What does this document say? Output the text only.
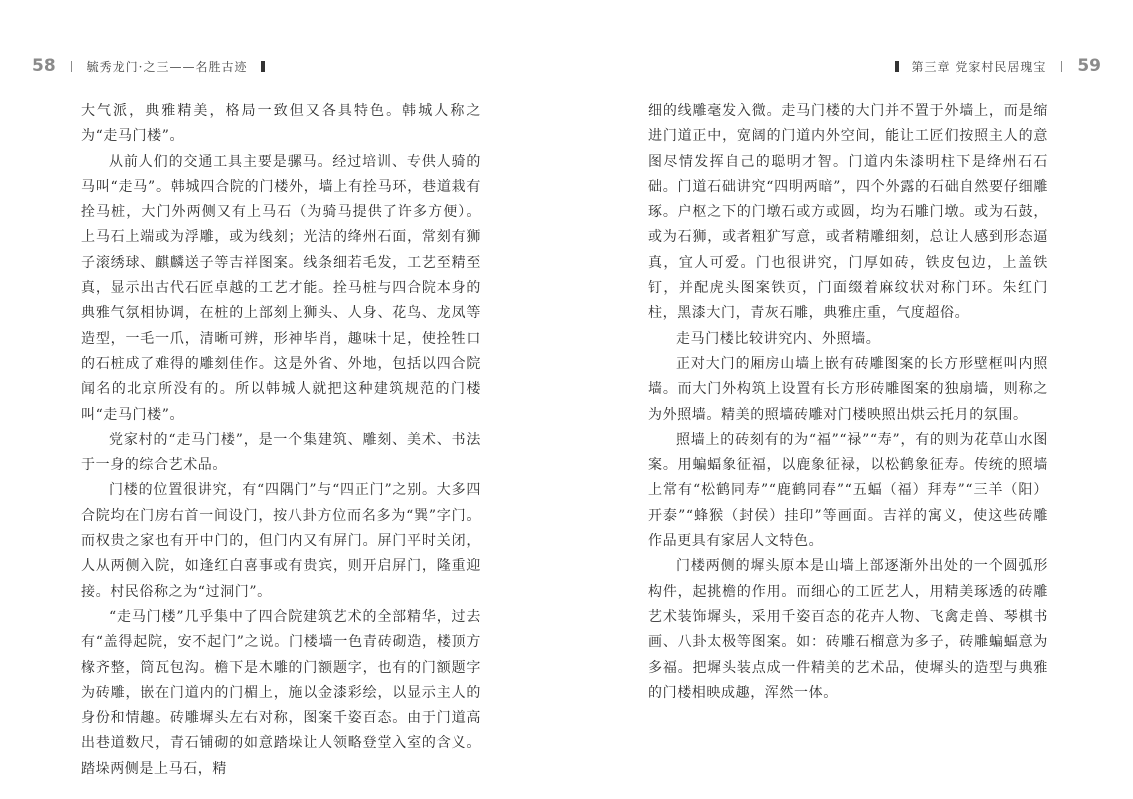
58	毓秀龙门·之三——名胜古迹

大气派，典雅精美，格局一致但又各具特色。韩城人称之为“走马门楼”。

从前人们的交通工具主要是骡马。经过培训、专供人骑的马叫“走马”。韩城四合院的门楼外，墙上有拴马环，巷道栽有拴马桩，大门外两侧又有上马石（为骑马提供了许多方便）。上马石上端或为浮雕，或为线刻；光洁的绛州石面，常刻有狮子滚绣球、麒麟送子等吉祥图案。线条细若毛发，工艺至精至真，显示出古代石匠卓越的工艺才能。拴马桩与四合院本身的典雅气氛相协调，在桩的上部刻上狮头、人身、花鸟、龙凤等造型，一毛一爪，清晰可辨，形神毕肖，趣味十足，使拴牲口的石桩成了难得的雕刻佳作。这是外省、外地，包括以四合院闻名的北京所没有的。所以韩城人就把这种建筑规范的门楼叫“走马门楼”。

党家村的“走马门楼”，是一个集建筑、雕刻、美术、书法于一身的综合艺术品。

门楼的位置很讲究，有“四隅门”与“四正门”之别。大多四合院均在门房右首一间设门，按八卦方位而名多为“巽”字门。而权贵之家也有开中门的，但门内又有屏门。屏门平时关闭，人从两侧入院，如逢红白喜事或有贵宾，则开启屏门，隆重迎接。村民俗称之为“过洞门”。

“走马门楼”几乎集中了四合院建筑艺术的全部精华，过去有“盖得起院，安不起门”之说。门楼墙一色青砖砌造，楼顶方椽齐整，筒瓦包沟。檐下是木雕的门额题字，也有的门额题字为砖雕，嵌在门道内的门楣上，施以金漆彩绘，以显示主人的身份和情趣。砖雕墀头左右对称，图案千姿百态。由于门道高出巷道数尺，青石铺砌的如意踏垛让人领略登堂入室的含义。踏垛两侧是上马石，精

第三章 党家村民居瑰宝 59

细的线雕毫发入微。走马门楼的大门并不置于外墙上，而是缩进门道正中，宽阔的门道内外空间，能让工匠们按照主人的意图尽情发挥自己的聪明才智。门道内朱漆明柱下是绛州石石础。门道石础讲究“四明两暗”，四个外露的石础自然要仔细雕琢。户枢之下的门墩石或方或圆，均为石雕门墩。或为石鼓，或为石狮，或者粗犷写意，或者精雕细刻，总让人感到形态逼真，宜人可爱。门也很讲究，门厚如砖，铁皮包边，上盖铁钉，并配虎头图案铁页，门面缀着麻纹状对称门环。朱红门柱，黑漆大门，青灰石雕，典雅庄重，气度超俗。

走马门楼比较讲究内、外照墙。

正对大门的厢房山墙上嵌有砖雕图案的长方形壁框叫内照墙。而大门外构筑上设置有长方形砖雕图案的独扇墙，则称之为外照墙。精美的照墙砖雕对门楼映照出烘云托月的氛围。

照墙上的砖刻有的为“福”“禄”“寿”，有的则为花草山水图案。用蝙蝠象征福，以鹿象征禄，以松鹤象征寿。传统的照墙上常有“松鹤同寿”“鹿鹤同春”“五蝠（福）拜寿”“三羊（阳）开泰”“蜂猴（封侯）挂印”等画面。吉祥的寓义，使这些砖雕作品更具有家居人文特色。

门楼两侧的墀头原本是山墙上部逐渐外出处的一个圆弧形构件，起挑檐的作用。而细心的工匠艺人，用精美琢透的砖雕艺术装饰墀头，采用千姿百态的花卉人物、飞禽走兽、琴棋书画、八卦太极等图案。如：砖雕石榴意为多子，砖雕蝙蝠意为多福。把墀头装点成一件精美的艺术品，使墀头的造型与典雅的门楼相映成趣，浑然一体。
